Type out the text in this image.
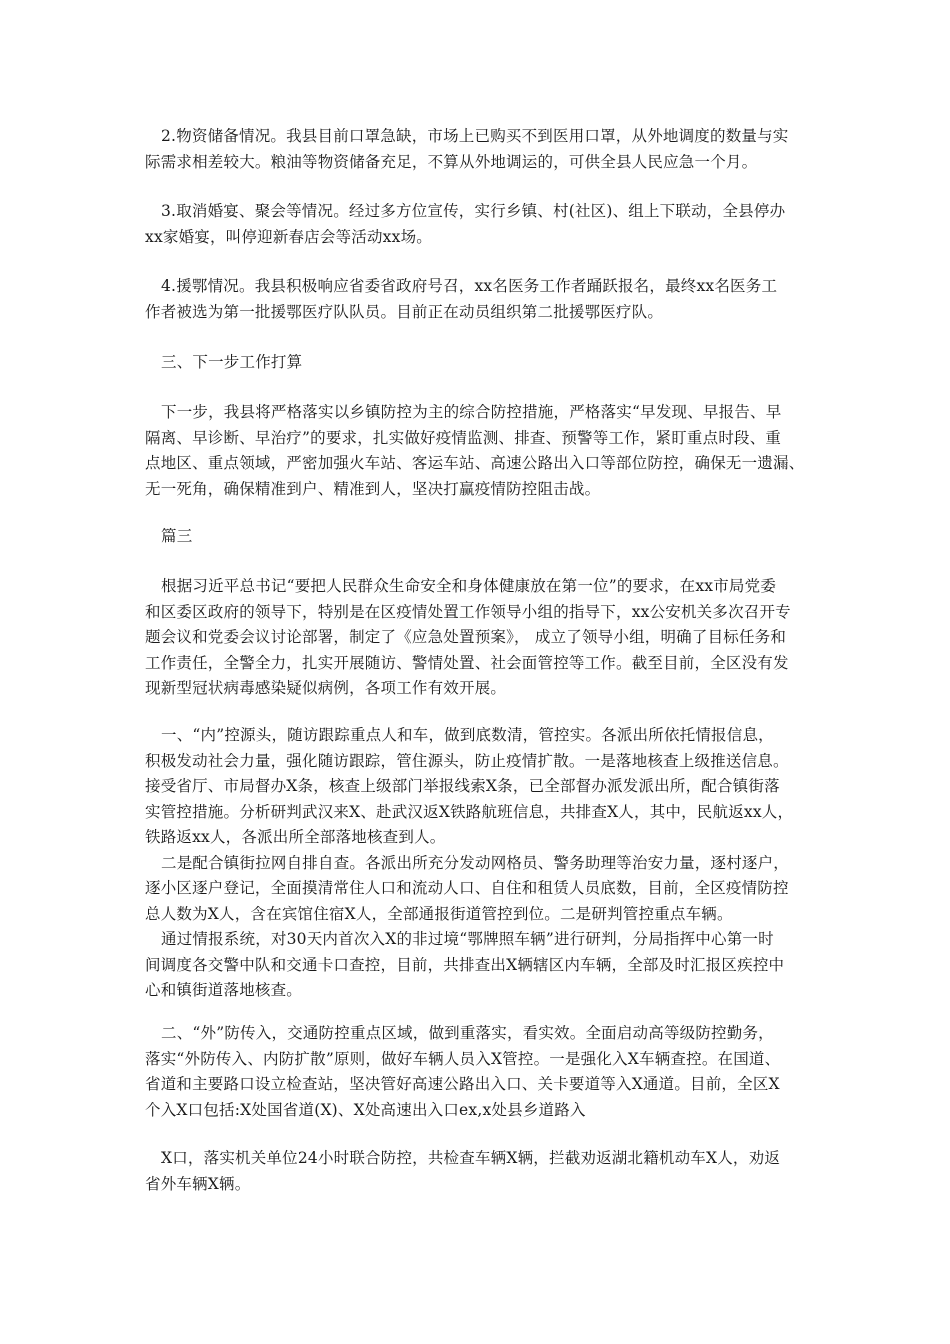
2.物资储备情况。我县目前口罩急缺，市场上已购买不到医用口罩，从外地调度的数量与实
际需求相差较大。粮油等物资储备充足，不算从外地调运的，可供全县人民应急一个月。
3.取消婚宴、聚会等情况。经过多方位宣传，实行乡镇、村(社区)、组上下联动，全县停办
xx家婚宴，叫停迎新春店会等活动xx场。
4.援鄂情况。我县积极响应省委省政府号召，xx名医务工作者踊跃报名，最终xx名医务工
作者被选为第一批援鄂医疗队队员。目前正在动员组织第二批援鄂医疗队。
三、下一步工作打算
下一步，我县将严格落实以乡镇防控为主的综合防控措施，严格落实“早发现、早报告、早
隔离、早诊断、早治疗”的要求，扎实做好疫情监测、排查、预警等工作，紧盯重点时段、重
点地区、重点领域，严密加强火车站、客运车站、高速公路出入口等部位防控，确保无一遗漏、
无一死角，确保精准到户、精准到人，坚决打赢疫情防控阻击战。
篇三
根据习近平总书记“要把人民群众生命安全和身体健康放在第一位”的要求，在xx市局党委
和区委区政府的领导下，特别是在区疫情处置工作领导小组的指导下，xx公安机关多次召开专
题会议和党委会议讨论部署，制定了《应急处置预案》， 成立了领导小组，明确了目标任务和
工作责任，全警全力，扎实开展随访、警情处置、社会面管控等工作。截至目前，全区没有发
现新型冠状病毒感染疑似病例，各项工作有效开展。
一、“内”控源头，随访跟踪重点人和车，做到底数清，管控实。各派出所依托情报信息，
积极发动社会力量，强化随访跟踪，管住源头，防止疫情扩散。一是落地核查上级推送信息。
接受省厅、市局督办X条，核查上级部门举报线索X条，已全部督办派发派出所，配合镇街落
实管控措施。分析研判武汉来X、赴武汉返X铁路航班信息，共排查X人，其中，民航返xx人，
铁路返xx人，各派出所全部落地核查到人。
二是配合镇街拉网自排自查。各派出所充分发动网格员、警务助理等治安力量，逐村逐户，
逐小区逐户登记，全面摸清常住人口和流动人口、自住和租赁人员底数，目前，全区疫情防控
总人数为X人，含在宾馆住宿X人，全部通报街道管控到位。二是研判管控重点车辆。
通过情报系统，对30天内首次入X的非过境“鄂牌照车辆”进行研判，分局指挥中心第一时
间调度各交警中队和交通卡口查控，目前，共排查出X辆辖区内车辆，全部及时汇报区疾控中
心和镇街道落地核查。
二、“外”防传入，交通防控重点区域，做到重落实，看实效。全面启动高等级防控勤务，
落实“外防传入、内防扩散”原则，做好车辆人员入X管控。一是强化入X车辆查控。在国道、
省道和主要路口设立检查站，坚决管好高速公路出入口、关卡要道等入X通道。目前，全区X
个入X口包括:X处国省道(X)、X处高速出入口ex,x处县乡道路入
X口，落实机关单位24小时联合防控，共检查车辆X辆，拦截劝返湖北籍机动车X人，劝返
省外车辆X辆。
